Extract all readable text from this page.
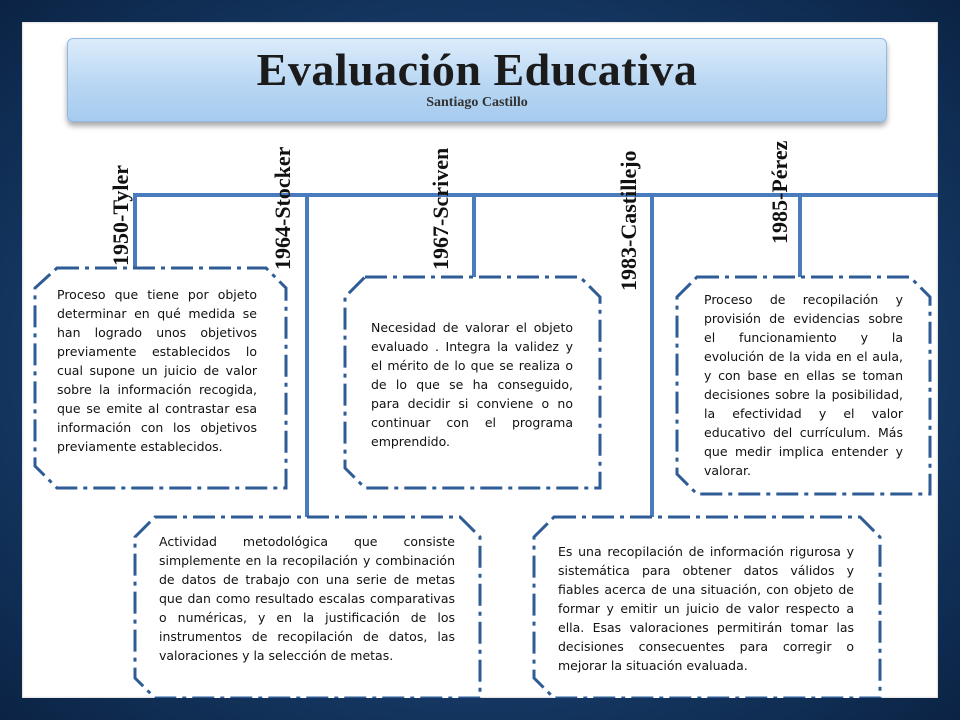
Evaluación Educativa
Santiago Castillo
1950-Tyler	1964-Stocker	1967-Scriven	1983-Castillejo	1985-Pérez
Proceso que tiene por objeto determinar en qué medida se han logrado unos objetivos previamente establecidos lo cual supone un juicio de valor sobre la información recogida, que se emite al contrastar esa información con los objetivos previamente establecidos.
Actividad metodológica que consiste simplemente en la recopilación y combinación de datos de trabajo con una serie de metas que dan como resultado escalas comparativas o numéricas, y en la justificación de los instrumentos de recopilación de datos, las valoraciones y la selección de metas.
Necesidad de valorar el objeto evaluado . Integra la validez y el mérito de lo que se realiza o de lo que se ha conseguido, para decidir si conviene o no continuar con el programa emprendido.
Es una recopilación de información rigurosa y sistemática para obtener datos válidos y fiables acerca de una situación, con objeto de formar y emitir un juicio de valor respecto a ella. Esas valoraciones permitirán tomar las decisiones consecuentes para corregir o mejorar la situación evaluada.
Proceso de recopilación y provisión de evidencias sobre el funcionamiento y la evolución de la vida en el aula, y con base en ellas se toman decisiones sobre la posibilidad, la efectividad y el valor educativo del currículum. Más que medir implica entender y valorar.
